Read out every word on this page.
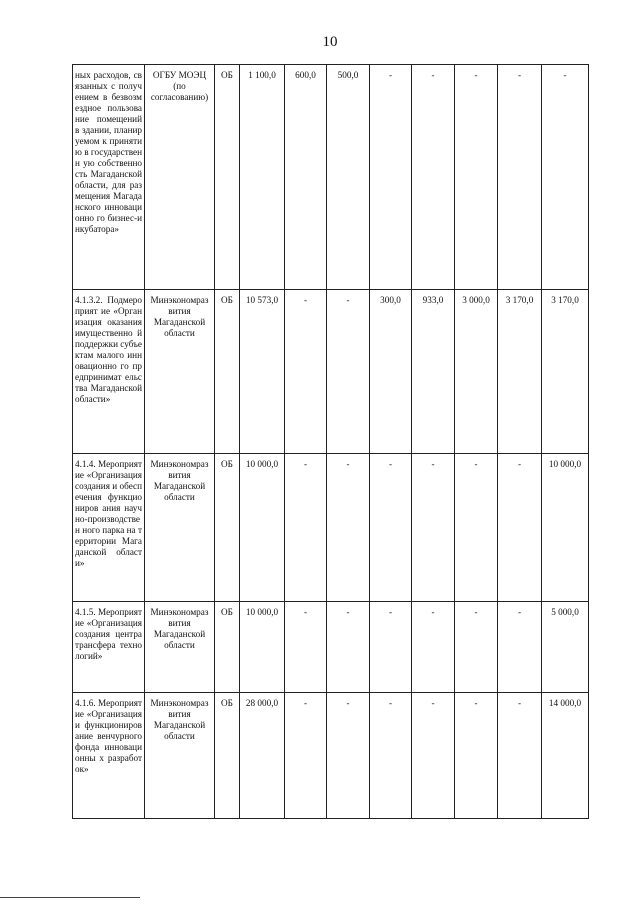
10
ных расходов, связанных с получением в безвозмездное пользование помещений в здании, планируемом к принятию в государственн ую собственность Магаданской области, для размещения Магаданского инновационно го бизнес-инкубатора»	ОГБУ МОЭЦ (по согласованию)	ОБ	1 100,0	600,0	500,0	-	-	-	-	-

4.1.3.2. Подмероприят ие «Организация оказания имущественно й поддержки субъектам малого инновационно го предпринимат ельства Магаданской области»	Минэкономраз вития Магаданской области	ОБ	10 573,0	-	-	300,0	933,0	3 000,0	3 170,0	3 170,0

4.1.4. Мероприятие «Организация создания и обеспечения функциониров ания научно-производствен ного парка на территории Магаданской области»	Минэкономраз вития Магаданской области	ОБ	10 000,0	-	-	-	-	-	-	10 000,0

4.1.5. Мероприятие «Организация создания центра трансфера технологий»	Минэкономраз вития Магаданской области	ОБ	10 000,0	-	-	-	-	-	-	5 000,0

4.1.6. Мероприятие «Организация и функциониров ание венчурного фонда инновационны х разработок»	Минэкономраз вития Магаданской области	ОБ	28 000,0	-	-	-	-	-	-	14 000,0
